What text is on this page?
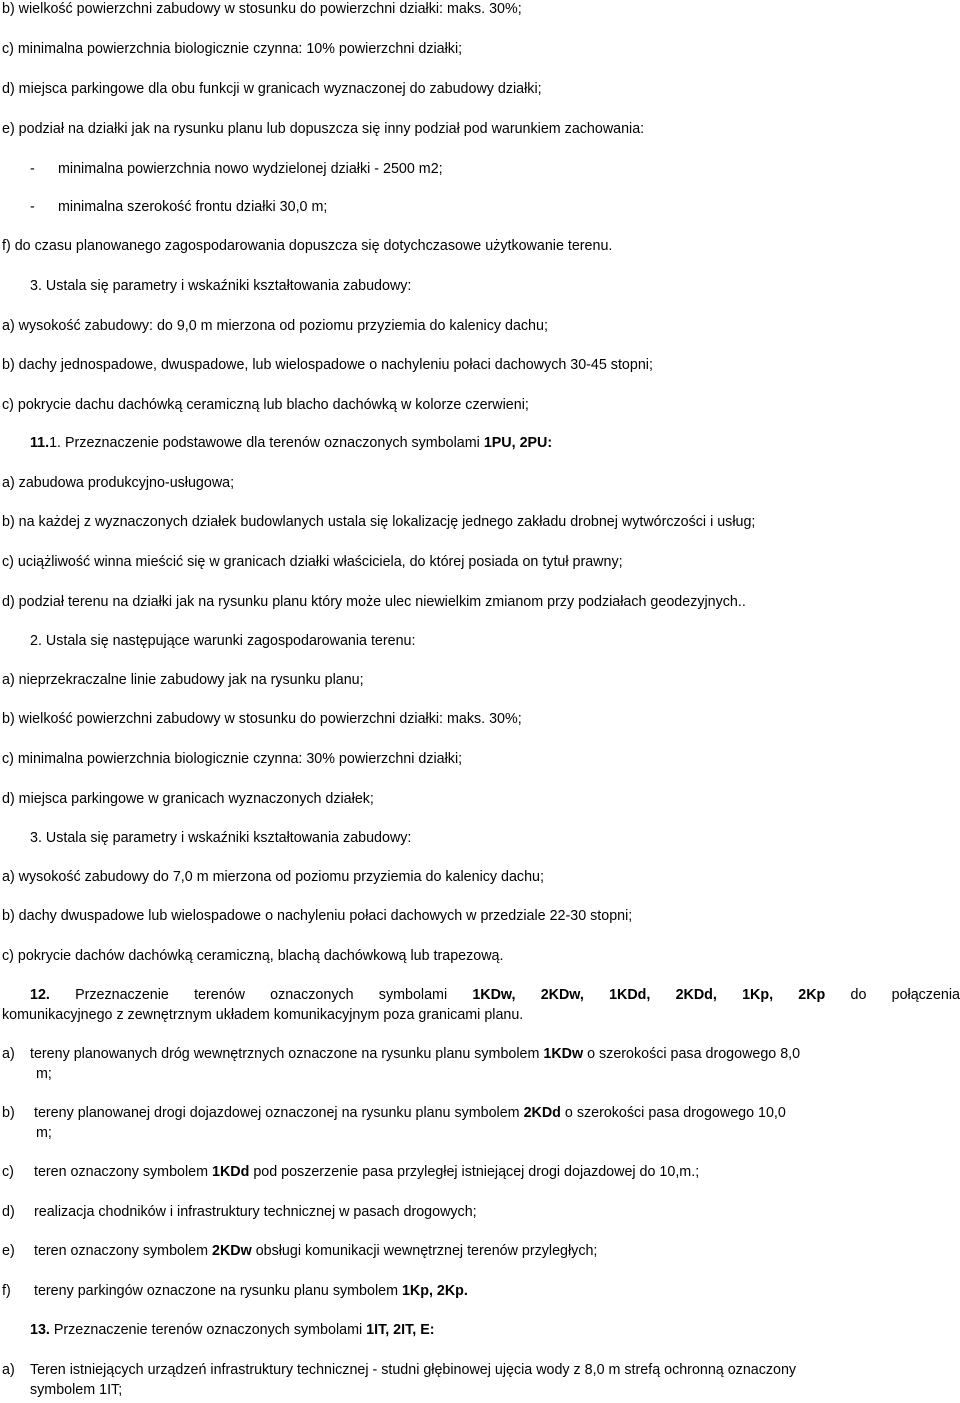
b) wielkość powierzchni zabudowy w stosunku do powierzchni działki: maks. 30%;
c) minimalna powierzchnia biologicznie czynna: 10% powierzchni działki;
d) miejsca parkingowe dla obu funkcji w granicach wyznaczonej do zabudowy działki;
e) podział na działki jak na rysunku planu lub dopuszcza się inny podział pod warunkiem zachowania:
- minimalna powierzchnia nowo wydzielonej działki - 2500 m2;
- minimalna szerokość frontu działki 30,0 m;
f) do czasu planowanego zagospodarowania dopuszcza się dotychczasowe użytkowanie terenu.
3. Ustala się parametry i wskaźniki kształtowania zabudowy:
a) wysokość zabudowy: do 9,0 m mierzona od poziomu przyziemia do kalenicy dachu;
b) dachy jednospadowe, dwuspadowe, lub wielospadowe o nachyleniu połaci dachowych 30-45 stopni;
c) pokrycie dachu dachówką ceramiczną lub blacho dachówką w kolorze czerwieni;
11.1. Przeznaczenie podstawowe dla terenów oznaczonych symbolami 1PU, 2PU:
a) zabudowa produkcyjno-usługowa;
b) na każdej z wyznaczonych działek budowlanych ustala się lokalizację jednego zakładu drobnej wytwórczości i usług;
c) uciążliwość winna mieścić się w granicach działki właściciela, do której posiada on tytuł prawny;
d) podział terenu na działki jak na rysunku planu który może ulec niewielkim zmianom przy podziałach geodezyjnych..
2. Ustala się następujące warunki zagospodarowania terenu:
a) nieprzekraczalne linie zabudowy jak na rysunku planu;
b) wielkość powierzchni zabudowy w stosunku do powierzchni działki: maks. 30%;
c) minimalna powierzchnia biologicznie czynna: 30% powierzchni działki;
d) miejsca parkingowe w granicach wyznaczonych działek;
3. Ustala się parametry i wskaźniki kształtowania zabudowy:
a) wysokość zabudowy do 7,0 m mierzona od poziomu przyziemia do kalenicy dachu;
b) dachy dwuspadowe lub wielospadowe o nachyleniu połaci dachowych w przedziale 22-30 stopni;
c) pokrycie dachów dachówką ceramiczną, blachą dachówkową lub trapezową.
12. Przeznaczenie terenów oznaczonych symbolami 1KDw, 2KDw, 1KDd, 2KDd, 1Kp, 2Kp do połączenia
komunikacyjnego z zewnętrznym układem komunikacyjnym poza granicami planu.
a) tereny planowanych dróg wewnętrznych oznaczone na rysunku planu symbolem 1KDw o szerokości pasa drogowego 8,0
m;
b) tereny planowanej drogi dojazdowej oznaczonej na rysunku planu symbolem 2KDd o szerokości pasa drogowego 10,0
m;
c) teren oznaczony symbolem 1KDd pod poszerzenie pasa przyległej istniejącej drogi dojazdowej do 10,m.;
d) realizacja chodników i infrastruktury technicznej w pasach drogowych;
e) teren oznaczony symbolem 2KDw obsługi komunikacji wewnętrznej terenów przyległych;
f) tereny parkingów oznaczone na rysunku planu symbolem 1Kp, 2Kp.
13. Przeznaczenie terenów oznaczonych symbolami 1IT, 2IT, E:
a) Teren istniejących urządzeń infrastruktury technicznej - studni głębinowej ujęcia wody z 8,0 m strefą ochronną oznaczony
symbolem 1IT;
